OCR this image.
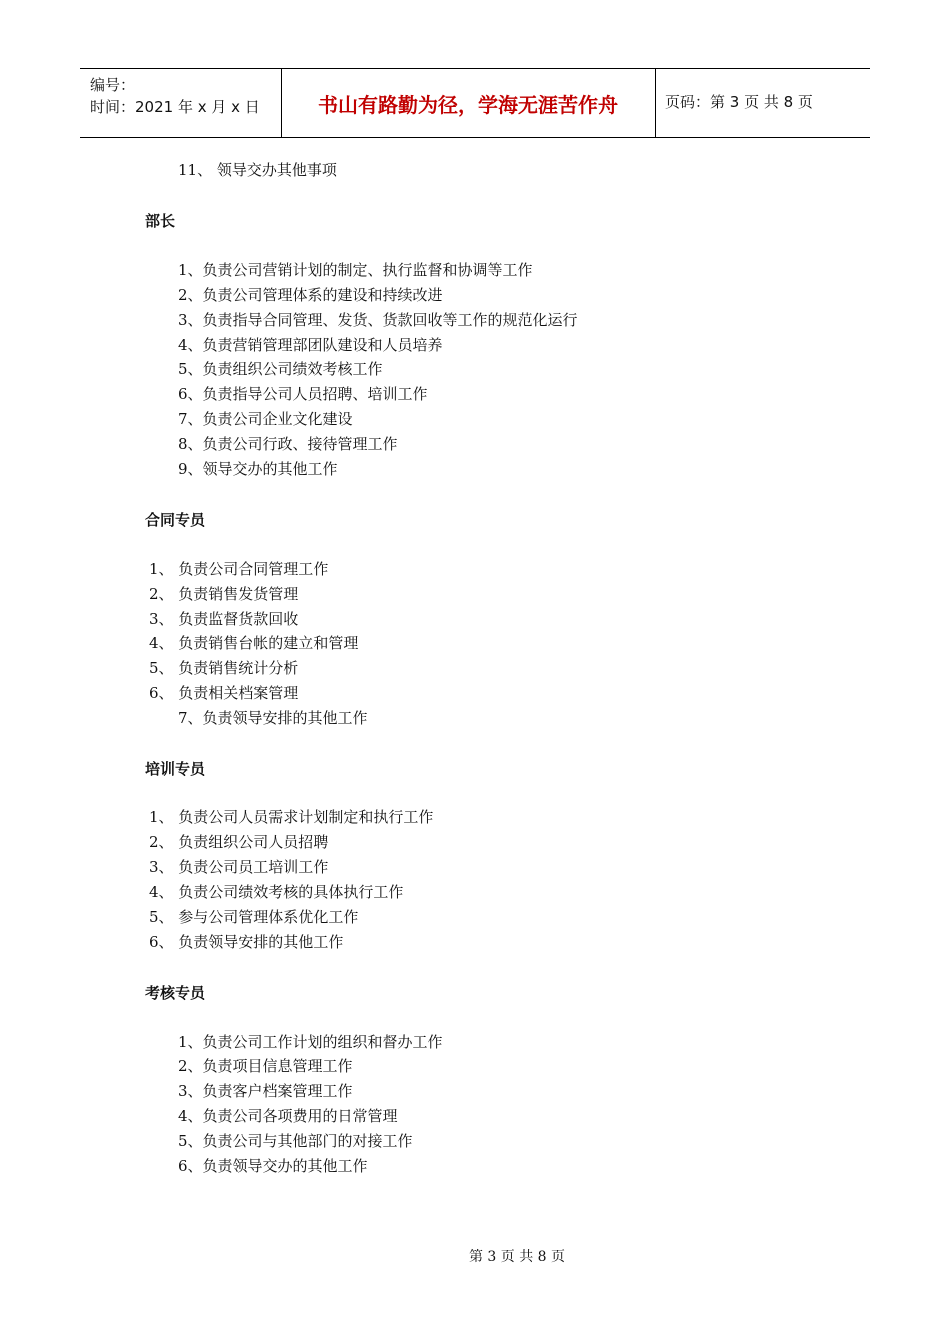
编号：
时间：2021 年 x 月 x 日	书山有路勤为径，学海无涯苦作舟	页码：第 3 页 共 8 页
11、 领导交办其他事项
部长
1、负责公司营销计划的制定、执行监督和协调等工作
2、负责公司管理体系的建设和持续改进
3、负责指导合同管理、发货、货款回收等工作的规范化运行
4、负责营销管理部团队建设和人员培养
5、负责组织公司绩效考核工作
6、负责指导公司人员招聘、培训工作
7、负责公司企业文化建设
8、负责公司行政、接待管理工作
9、领导交办的其他工作
合同专员
1、 负责公司合同管理工作
2、 负责销售发货管理
3、 负责监督货款回收
4、 负责销售台帐的建立和管理
5、 负责销售统计分析
6、 负责相关档案管理
7、负责领导安排的其他工作
培训专员
1、 负责公司人员需求计划制定和执行工作
2、 负责组织公司人员招聘
3、 负责公司员工培训工作
4、 负责公司绩效考核的具体执行工作
5、 参与公司管理体系优化工作
6、 负责领导安排的其他工作
考核专员
1、负责公司工作计划的组织和督办工作
2、负责项目信息管理工作
3、负责客户档案管理工作
4、负责公司各项费用的日常管理
5、负责公司与其他部门的对接工作
6、负责领导交办的其他工作
第 3 页 共 8 页
